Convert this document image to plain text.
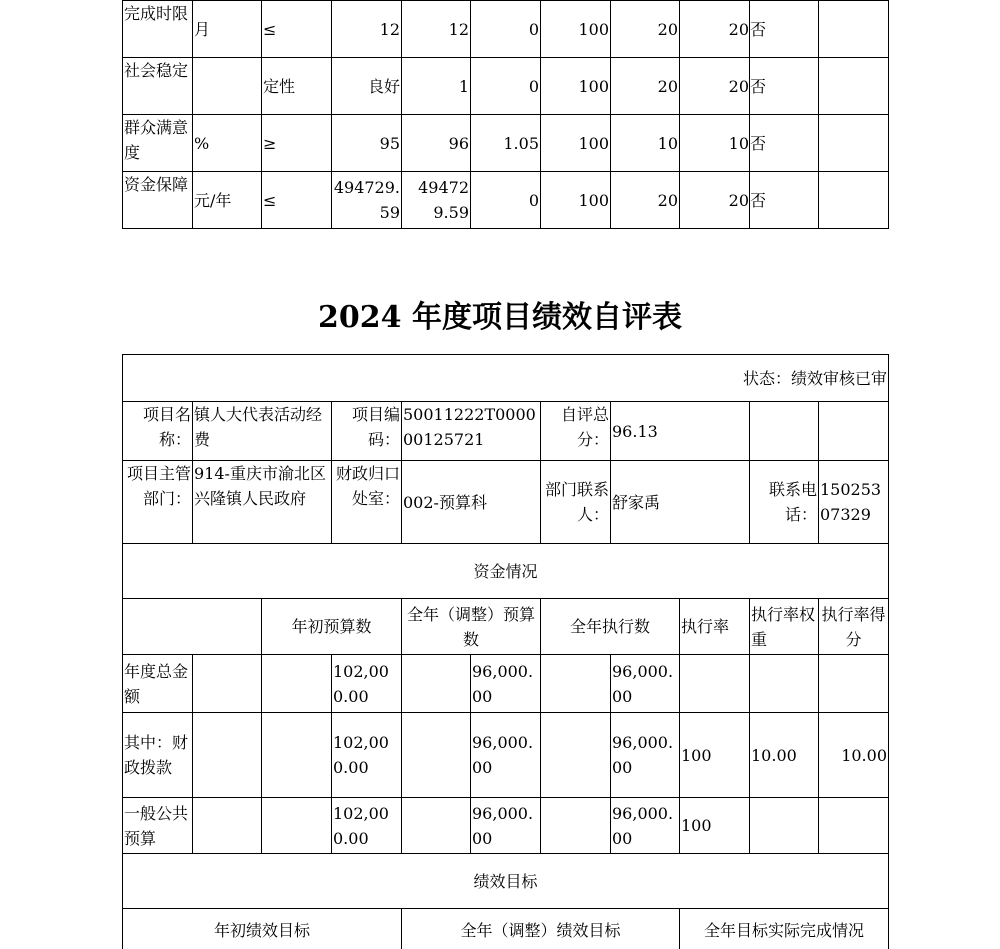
完成时限	月	≤	12	12	0	100	20	20	否	
社会稳定		定性	良好	1	0	100	20	20	否	
群众满意度	%	≥	95	96	1.05	100	10	10	否	
资金保障	元/年	≤	494729.59	494729.59	0	100	20	20	否	
2024 年度项目绩效自评表
状态：绩效审核已审										
项目名称：	镇人大代表活动经费		项目编码：	50011222T000000125721		自评总分：	96.13			
项目主管部门：	914-重庆市渝北区兴隆镇人民政府		财政归口处室：	002-预算科		部门联系人：	舒家禹		联系电话：	15025307329
资金情况										
		年初预算数		全年（调整）预算数		全年执行数		执行率	执行率权重	执行率得分
年度总金额			102,000.00		96,000.00		96,000.00			
其中：财政拨款			102,000.00		96,000.00		96,000.00	100	10.00	10.00
一般公共预算			102,000.00		96,000.00		96,000.00	100		
绩效目标										
年初绩效目标				全年（调整）绩效目标				全年目标实际完成情况		
